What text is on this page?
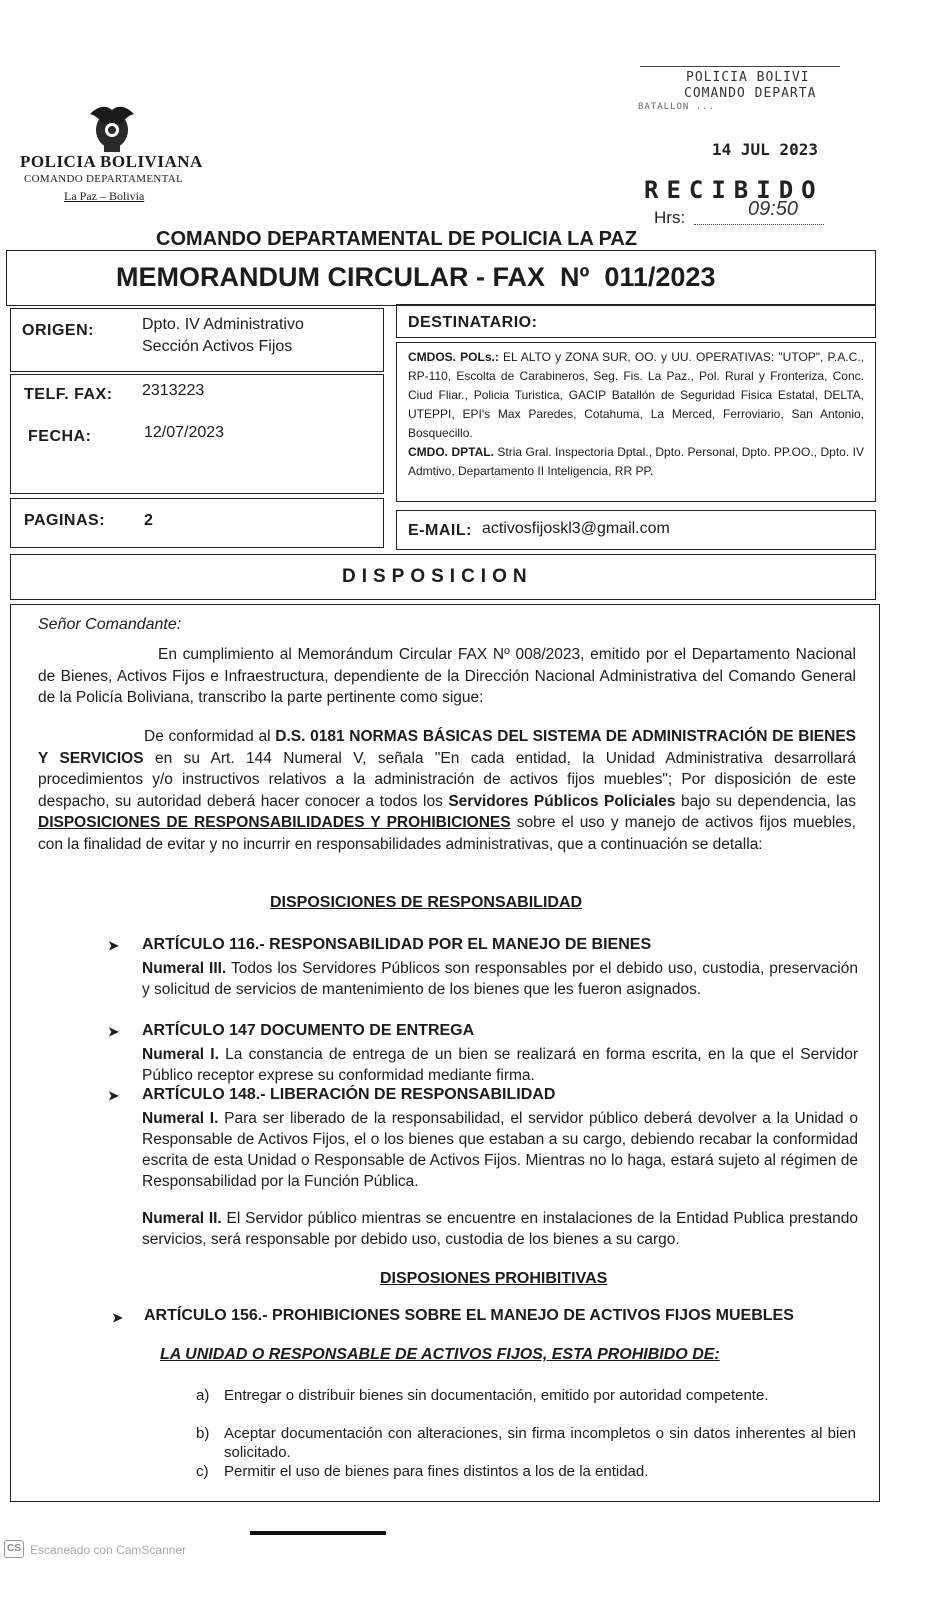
POLICIA BOLIVIANA
COMANDO DEPARTAMENTAL
La Paz – Bolivia
POLICIA BOLIVI
COMANDO DEPARTA
BATALLON ...
14 JUL 2023
RECIBIDO
Hrs:	09:50
COMANDO DEPARTAMENTAL DE POLICIA LA PAZ
MEMORANDUM CIRCULAR - FAX  Nº  011/2023
ORIGEN:	Dpto. IV Administrativo
Sección Activos Fijos
TELF. FAX: 2313223
FECHA:	12/07/2023
PAGINAS: 2
DESTINATARIO:
CMDOS. POLs.: EL ALTO y ZONA SUR, OO. y UU. OPERATIVAS: "UTOP", P.A.C., RP-110, Escolta de Carabineros, Seg. Fis. La Paz., Pol. Rural y Fronteriza, Conc. Ciud Fliar., Policia Turistica, GACIP Batallón de Seguridad Fisica Estatal, DELTA, UTEPPI, EPI's Max Paredes, Cotahuma, La Merced, Ferroviario, San Antonio, Bosquecillo.
CMDO. DPTAL. Stria Gral. Inspectoria Dptal., Dpto. Personal, Dpto. PP.OO., Dpto. IV Admtivo, Departamento II Inteligencia, RR PP.
E-MAIL: activosfijoskl3@gmail.com
DISPOSICION
Señor Comandante:
En cumplimiento al Memorándum Circular FAX Nº 008/2023, emitido por el Departamento Nacional de Bienes, Activos Fijos e Infraestructura, dependiente de la Dirección Nacional Administrativa del Comando General de la Policía Boliviana, transcribo la parte pertinente como sigue:
De conformidad al D.S. 0181 NORMAS BÁSICAS DEL SISTEMA DE ADMINISTRACIÓN DE BIENES Y SERVICIOS en su Art. 144 Numeral V, señala "En cada entidad, la Unidad Administrativa desarrollará procedimientos y/o instructivos relativos a la administración de activos fijos muebles"; Por disposición de este despacho, su autoridad deberá hacer conocer a todos los Servidores Públicos Policiales bajo su dependencia, las DISPOSICIONES DE RESPONSABILIDADES Y PROHIBICIONES sobre el uso y manejo de activos fijos muebles, con la finalidad de evitar y no incurrir en responsabilidades administrativas, que a continuación se detalla:
DISPOSICIONES DE RESPONSABILIDAD
➤ ARTÍCULO 116.- RESPONSABILIDAD POR EL MANEJO DE BIENES
Numeral III. Todos los Servidores Públicos son responsables por el debido uso, custodia, preservación y solicitud de servicios de mantenimiento de los bienes que les fueron asignados.
➤ ARTÍCULO 147 DOCUMENTO DE ENTREGA
Numeral I. La constancia de entrega de un bien se realizará en forma escrita, en la que el Servidor Público receptor exprese su conformidad mediante firma.
➤ ARTÍCULO 148.- LIBERACIÓN DE RESPONSABILIDAD
Numeral I. Para ser liberado de la responsabilidad, el servidor público deberá devolver a la Unidad o Responsable de Activos Fijos, el o los bienes que estaban a su cargo, debiendo recabar la conformidad escrita de esta Unidad o Responsable de Activos Fijos. Mientras no lo haga, estará sujeto al régimen de Responsabilidad por la Función Pública.
Numeral II. El Servidor público mientras se encuentre en instalaciones de la Entidad Publica prestando servicios, será responsable por debido uso, custodia de los bienes a su cargo.
DISPOSIONES PROHIBITIVAS
➤ ARTÍCULO 156.- PROHIBICIONES SOBRE EL MANEJO DE ACTIVOS FIJOS MUEBLES
LA UNIDAD O RESPONSABLE DE ACTIVOS FIJOS, ESTA PROHIBIDO DE:
a) Entregar o distribuir bienes sin documentación, emitido por autoridad competente.
b) Aceptar documentación con alteraciones, sin firma incompletos o sin datos inherentes al bien solicitado.
c) Permitir el uso de bienes para fines distintos a los de la entidad.
CS Escaneado con CamScanner
